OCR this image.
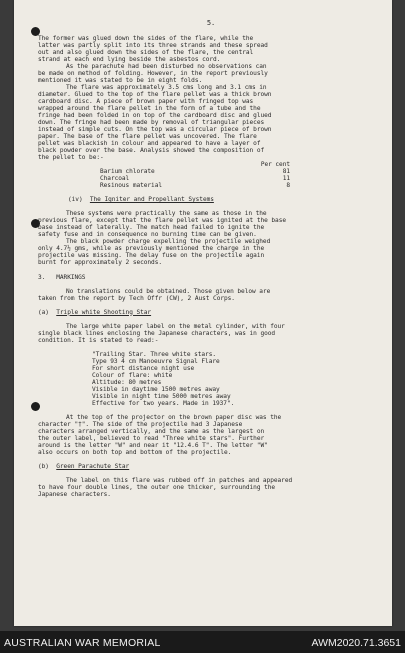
5.

The former was glued down the sides of the flare, while the

latter was partly split into its three strands and these spread

out and also glued down the sides of the flare, the central

strand at each end lying beside the asbestos cord.

As the parachute had been disturbed no observations can

be made on method of folding. However, in the report previously

mentioned it was stated to be in eight folds.

The flare was approximately 3.5 cms long and 3.1 cms in

diameter. Glued to the top of the flare pellet was a thick brown

cardboard disc. A piece of brown paper with fringed top was

wrapped around the flare pellet in the form of a tube and the

fringe had been folded in on top of the cardboard disc and glued

down. The fringe had been made by removal of triangular pieces

instead of simple cuts. On the top was a circular piece of brown

paper. The base of the flare pellet was uncovered. The flare

pellet was blackish in colour and appeared to have a layer of

black powder over the base. Analysis showed the composition of

the pellet to be:-

Per cent
Barium chlorate	81
Charcoal	11
Resinous material	8

(iv) The Igniter and Propellant Systems

These systems were practically the same as those in the

previous flare, except that the flare pellet was ignited at the base

base instead of laterally. The match head failed to ignite the

safety fuse and in consequence no burning time can be given.

The black powder charge expelling the projectile weighed

only 4.7½ gms, while as previously mentioned the charge in the

projectile was missing. The delay fuse on the projectile again

burnt for approximately 2 seconds.

3. MARKINGS

No translations could be obtained. Those given below are

taken from the report by Tech Offr (CW), 2 Aust Corps.

(a) Triple white Shooting Star

The large white paper label on the metal cylinder, with four

single black lines enclosing the Japanese characters, was in good

condition. It is stated to read:-

"Trailing Star. Three white stars.

Type 93 4 cm Manoeuvre Signal Flare

For short distance night use

Colour of flare: white

Altitude: 80 metres

Visible in daytime 1500 metres away

Visible in night time 5000 metres away

Effective for two years. Made in 1937".

At the top of the projector on the brown paper disc was the

character "†". The side of the projectile had 3 Japanese

characters arranged vertically, and the same as the largest on

the outer label, believed to read "Three white stars". Further

around is the letter "W" and near it "12.4.6 T". The letter "W"

also occurs on both top and bottom of the projectile.

(b) Green Parachute Star

The label on this flare was rubbed off in patches and appeared

to have four double lines, the outer one thicker, surrounding the

Japanese characters.

AUSTRALIAN WAR MEMORIAL	AWM2020.71.3651
